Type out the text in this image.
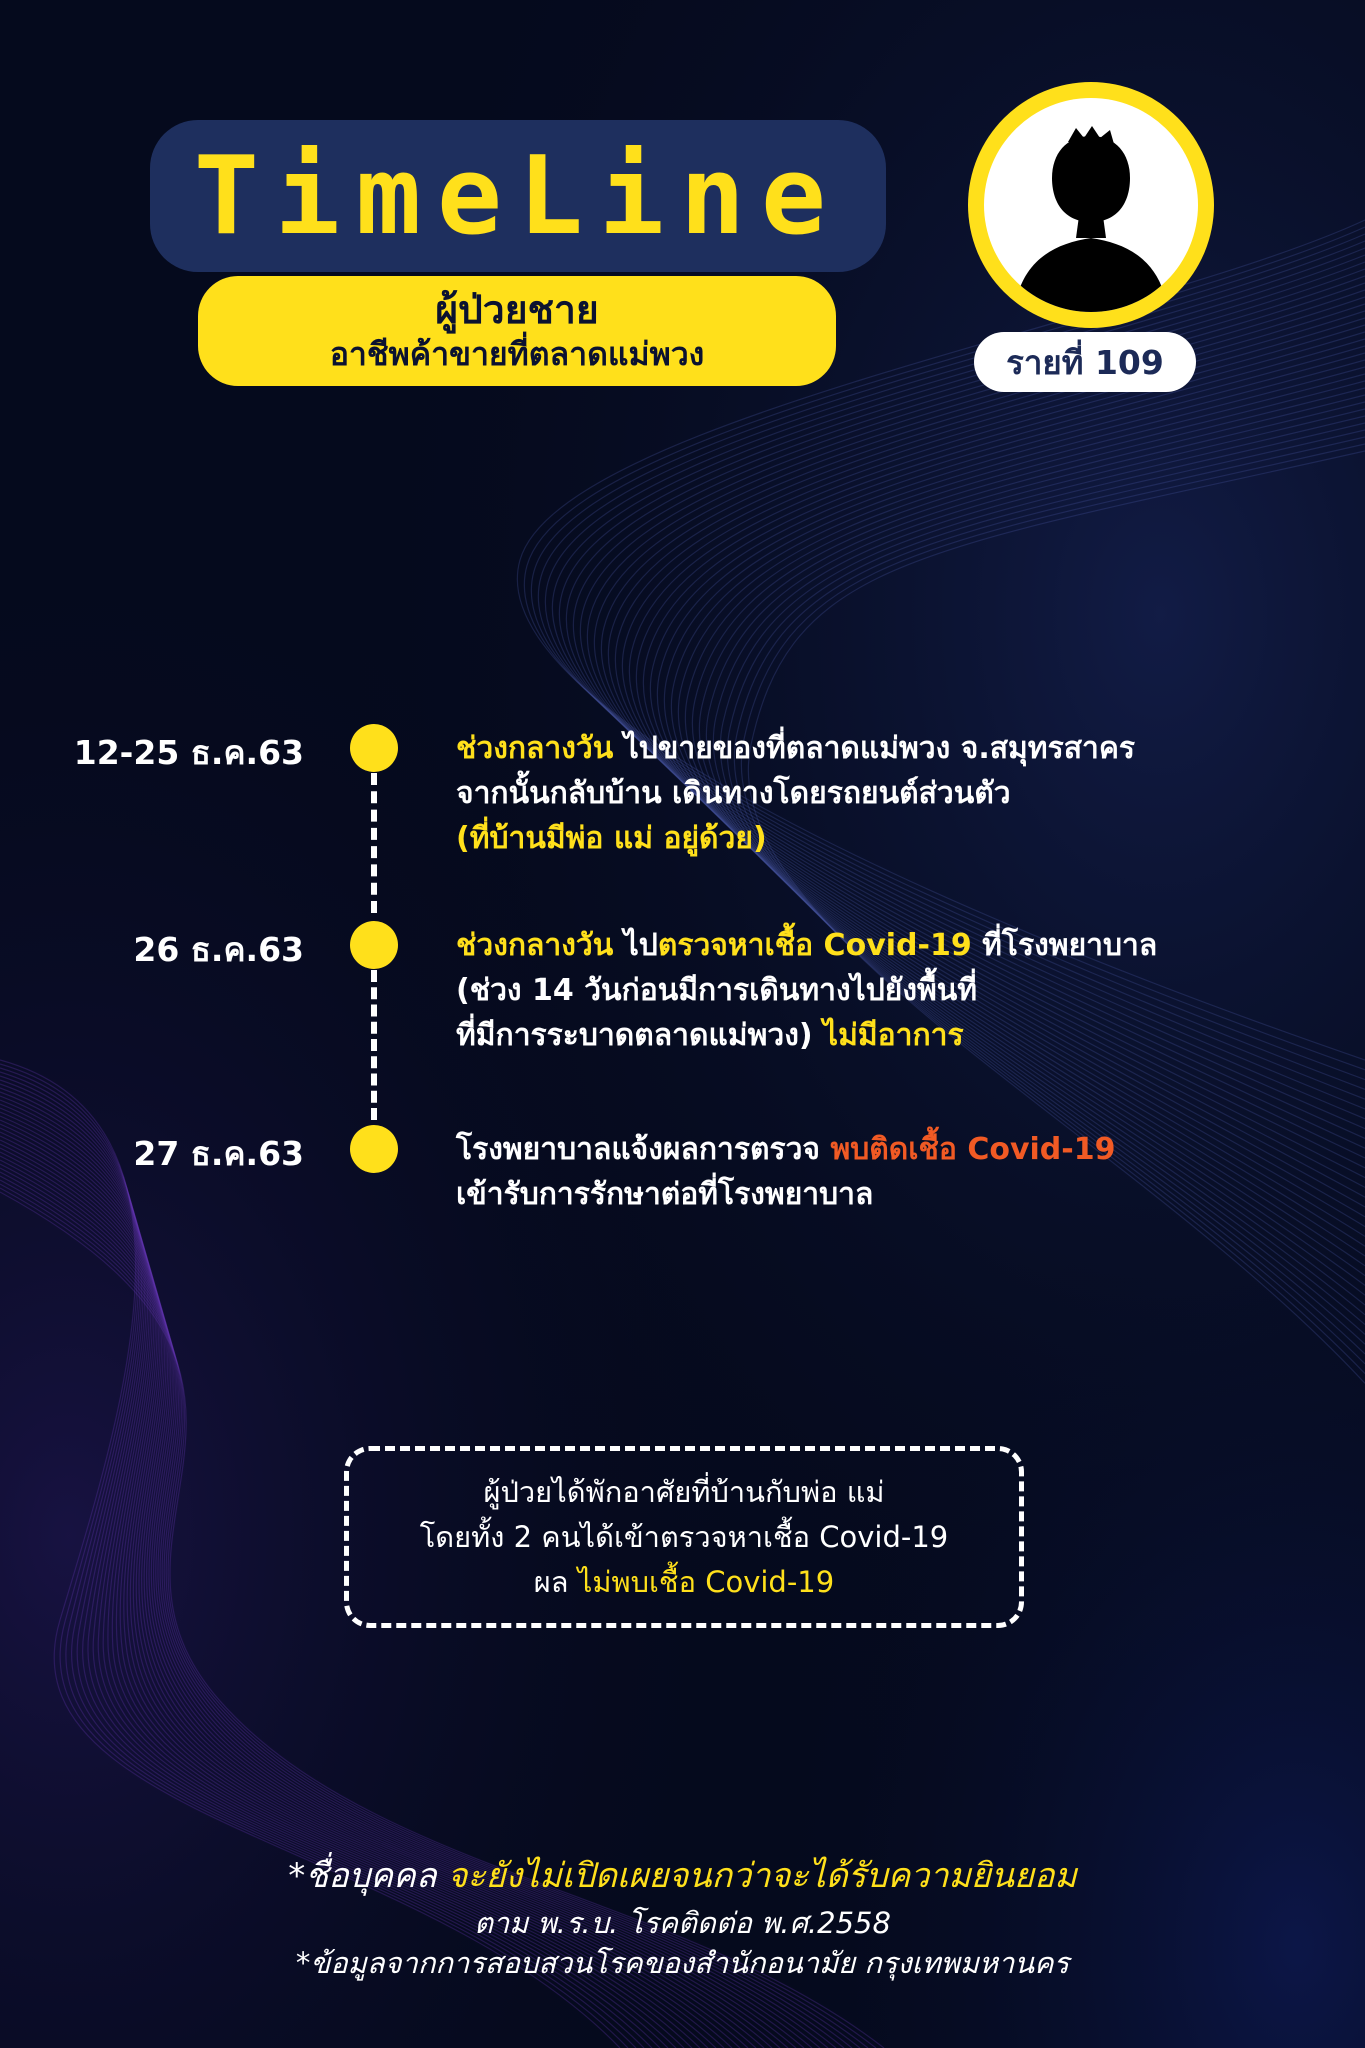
TimeLine
ผู้ป่วยชาย
อาชีพค้าขายที่ตลาดแม่พวง	รายที่ 109
12-25 ธ.ค.63	ช่วงกลางวัน ไปขายของที่ตลาดแม่พวง จ.สมุทรสาคร

จากนั้นกลับบ้าน เดินทางโดยรถยนต์ส่วนตัว

(ที่บ้านมีพ่อ แม่ อยู่ด้วย)

26 ธ.ค.63	ช่วงกลางวัน ไปตรวจหาเชื้อ Covid-19 ที่โรงพยาบาล

(ช่วง 14 วันก่อนมีการเดินทางไปยังพื้นที่

ที่มีการระบาดตลาดแม่พวง) ไม่มีอาการ

27 ธ.ค.63	โรงพยาบาลแจ้งผลการตรวจ พบติดเชื้อ Covid-19

เข้ารับการรักษาต่อที่โรงพยาบาล

ผู้ป่วยได้พักอาศัยที่บ้านกับพ่อ แม่
โดยทั้ง 2 คนได้เข้าตรวจหาเชื้อ Covid-19
ผล ไม่พบเชื้อ Covid-19
*ชื่อบุคคล จะยังไม่เปิดเผยจนกว่าจะได้รับความยินยอม
ตาม พ.ร.บ. โรคติดต่อ พ.ศ.2558
*ข้อมูลจากการสอบสวนโรคของสำนักอนามัย กรุงเทพมหานคร
